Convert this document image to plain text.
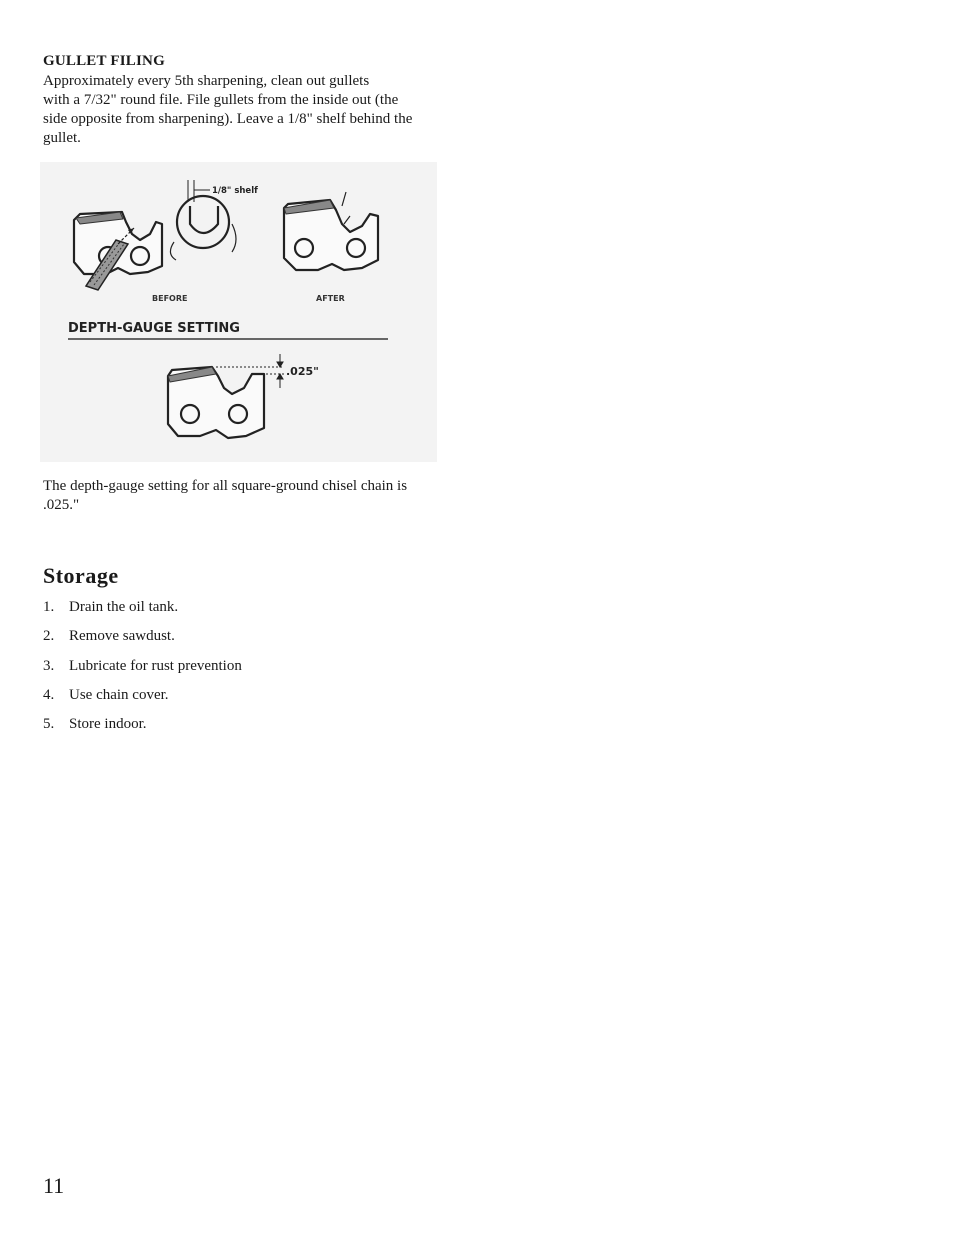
GULLET FILING
Approximately every 5th sharpening, clean out gullets
with a 7/32" round file. File gullets from the inside out (the
side opposite from sharpening). Leave a 1/8" shelf behind the
gullet.
1/8" shelf
BEFORE	AFTER
DEPTH-GAUGE SETTING
.025"
The depth-gauge setting for all square-ground chisel chain is
.025."
Storage
1. Drain the oil tank.
2. Remove sawdust.
3. Lubricate for rust prevention
4. Use chain cover.
5. Store indoor.
11
